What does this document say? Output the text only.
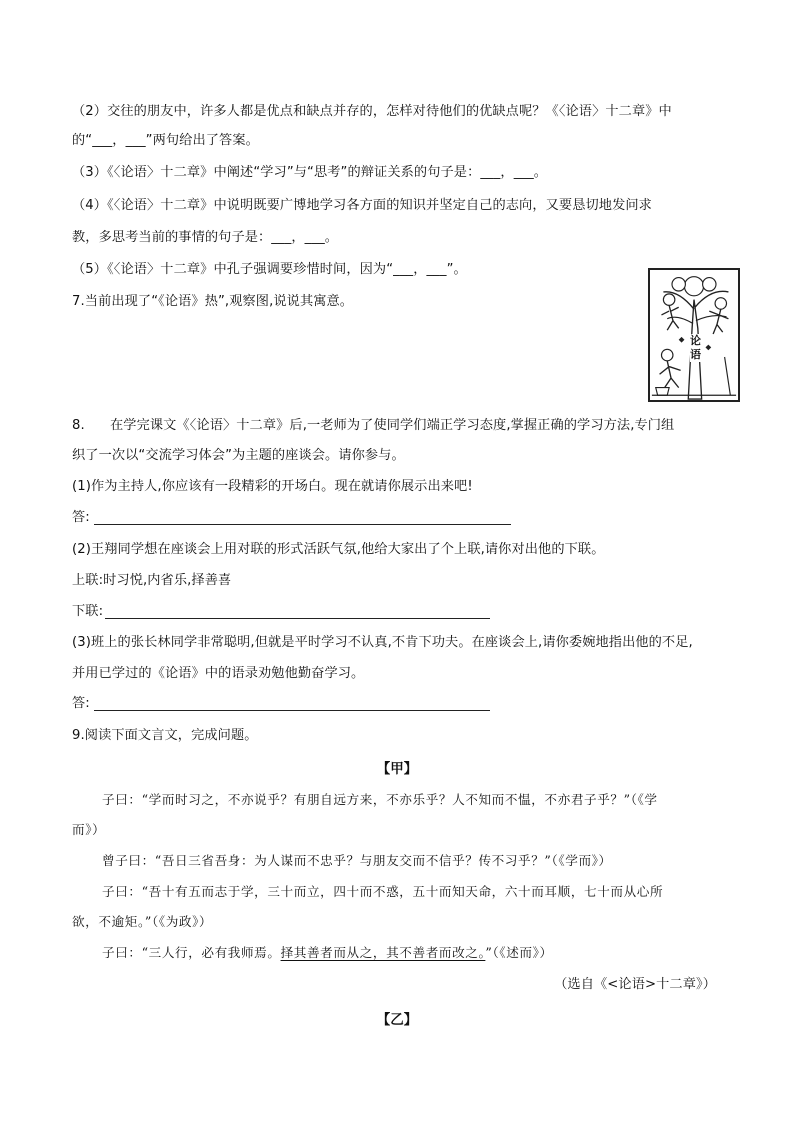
（2）交往的朋友中，许多人都是优点和缺点并存的，怎样对待他们的优缺点呢？《〈论语〉十二章》中
的“___，___”两句给出了答案。
（3）《〈论语〉十二章》中阐述“学习”与“思考”的辩证关系的句子是：___，___。
（4）《〈论语〉十二章》中说明既要广博地学习各方面的知识并坚定自己的志向，又要恳切地发问求
教，多思考当前的事情的句子是：___，___。
（5）《〈论语〉十二章》中孔子强调要珍惜时间，因为“___，___”。
7.当前出现了“《论语》热”,观察图,说说其寓意。
论语
8. 在学完课文《〈论语〉十二章》后,一老师为了使同学们端正学习态度,掌握正确的学习方法,专门组
织了一次以“交流学习体会”为主题的座谈会。请你参与。
(1)作为主持人,你应该有一段精彩的开场白。现在就请你展示出来吧!
答:
(2)王翔同学想在座谈会上用对联的形式活跃气氛,他给大家出了个上联,请你对出他的下联。
上联:时习悦,内省乐,择善喜
下联:
(3)班上的张长林同学非常聪明,但就是平时学习不认真,不肯下功夫。在座谈会上,请你委婉地指出他的不足,
并用已学过的《论语》中的语录劝勉他勤奋学习。
答:
9.阅读下面文言文，完成问题。
【甲】
子曰：“学而时习之，不亦说乎？有朋自远方来，不亦乐乎？人不知而不愠，不亦君子乎？”（《学
而》）
曾子曰：“吾日三省吾身：为人谋而不忠乎？与朋友交而不信乎？传不习乎？”（《学而》）
子曰：“吾十有五而志于学，三十而立，四十而不惑，五十而知天命，六十而耳顺，七十而从心所
欲，不逾矩。”（《为政》）
子曰：“三人行，必有我师焉。择其善者而从之，其不善者而改之。”（《述而》）
（选自《<论语>十二章》）
【乙】
